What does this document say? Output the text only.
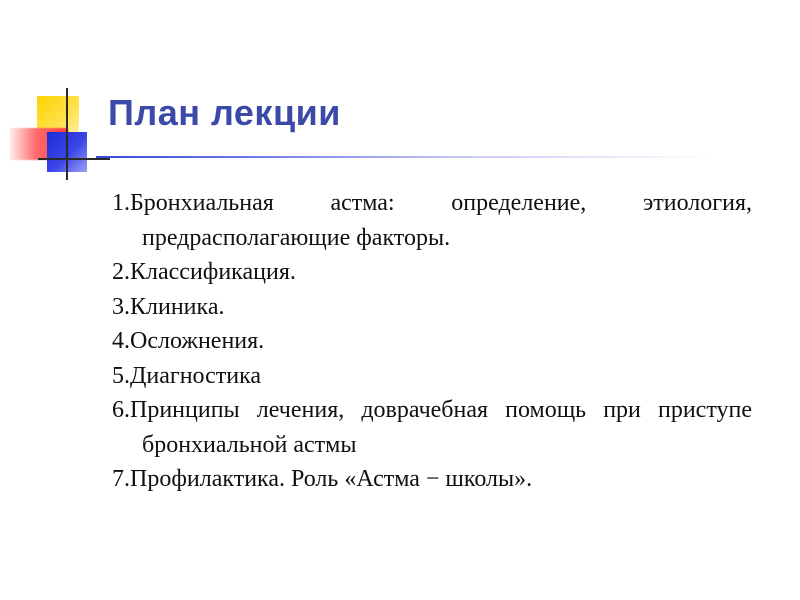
План лекции
1.Бронхиальная астма: определение, этиология, предрасполагающие факторы.
2.Классификация.
3.Клиника.
4.Осложнения.
5.Диагностика
6.Принципы лечения, доврачебная помощь при приступе бронхиальной астмы
7.Профилактика. Роль «Астма − школы».
